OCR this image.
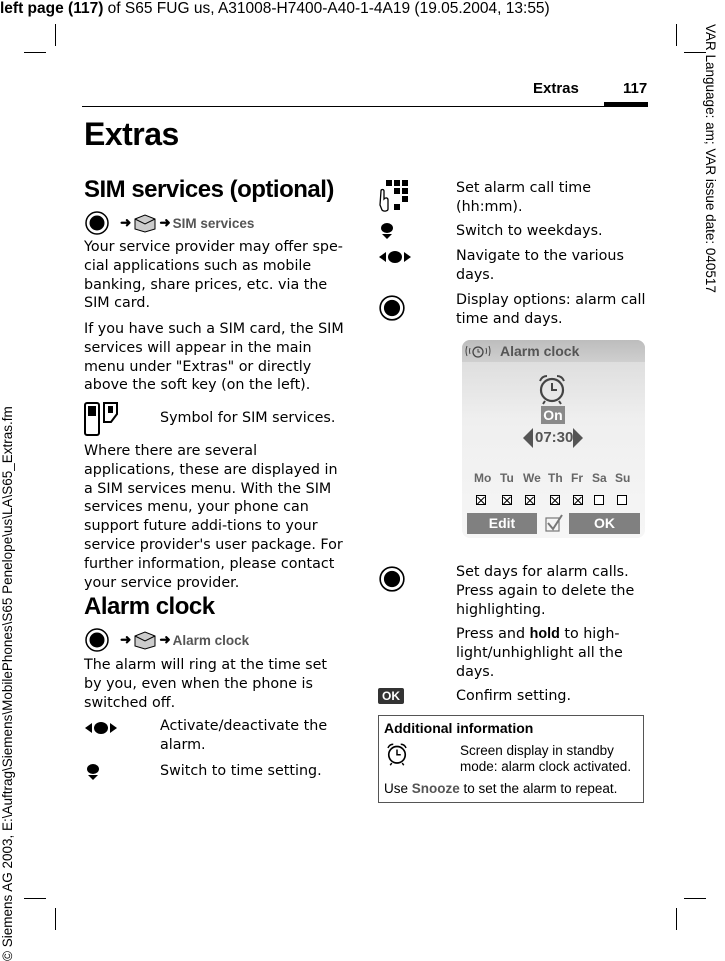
left page (117) of S65 FUG us, A31008-H7400-A40-1-4A19 (19.05.2004, 13:55)
VAR Language: am; VAR issue date: 040517
© Siemens AG 2003, E:\Auftrag\Siemens\MobilePhones\S65 Penelope\us\LA\S65_Extras.fm
Extras	117
Extras
SIM services (optional)
➜ ➜ SIM services
Your service provider may offer spe-cial applications such as mobile banking, share prices, etc. via the SIM card.
If you have such a SIM card, the SIM services will appear in the main menu under "Extras" or directly above the soft key (on the left).
Symbol for SIM services.
Where there are several applications, these are displayed in a SIM services menu. With the SIM services menu, your phone can support future addi-tions to your service provider's user package. For further information, please contact your service provider.
Alarm clock
➜ ➜ Alarm clock
The alarm will ring at the time set by you, even when the phone is switched off.
Activate/deactivate the alarm.
Switch to time setting.
Set alarm call time (hh:mm).
Switch to weekdays.
Navigate to the various days.
Display options: alarm call time and days.
Alarm clock
On
07:30
Mo Tu We Th Fr Sa Su
Edit	OK
Set days for alarm calls. Press again to delete the highlighting.
Press and hold to high-light/unhighlight all the days.
OK	Confirm setting.
Additional information
Screen display in standby mode: alarm clock activated.
Use Snooze to set the alarm to repeat.
